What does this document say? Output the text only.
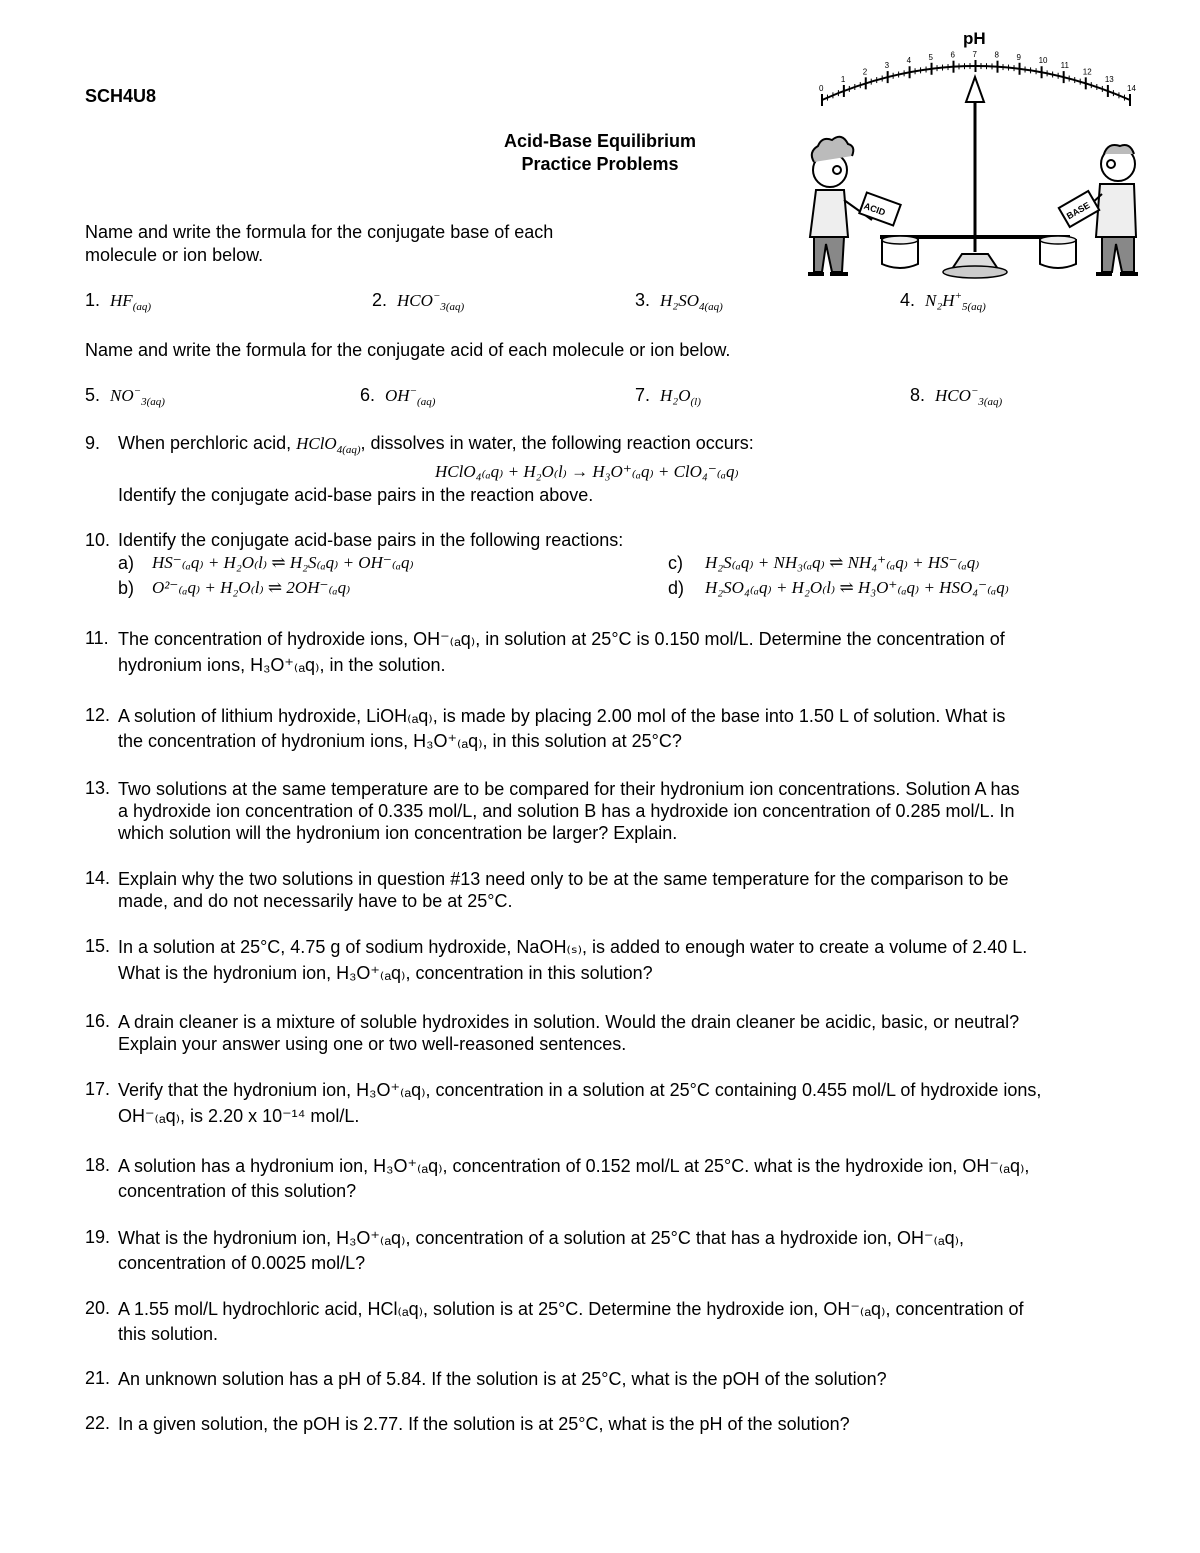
SCH4U8
Acid-Base Equilibrium
Practice Problems
pH
0
1
2
3
4 5 6 7 8 9 10
11
12
13
14
ACID	BASE
Name and write the formula for the conjugate base of each
molecule or ion below.
1. $HF_{(aq)}$	2. $HCO^-_{3(aq)}$	3. $H_2SO_{4(aq)}$	4. $N_2H^+_{5(aq)}$
Name and write the formula for the conjugate acid of each molecule or ion below.
5. $NO^-_{3(aq)}$	6. $OH^-_{(aq)}$	7. $H_2O_{(l)}$	8. $HCO^-_{3(aq)}$
9. When perchloric acid, HClO$_{4(aq)}$, dissolves in water, the following reaction occurs:
HClO₄₍ₐq₎ + H₂O₍l₎ → H₃O⁺₍ₐq₎ + ClO₄⁻₍ₐq₎
Identify the conjugate acid-base pairs in the reaction above.
10. Identify the conjugate acid-base pairs in the following reactions:
a) HS⁻₍ₐq₎ + H₂O₍l₎ ⇌ H₂S₍ₐq₎ + OH⁻₍ₐq₎
b) O²⁻₍ₐq₎ + H₂O₍l₎ ⇌ 2OH⁻₍ₐq₎
c) H₂S₍ₐq₎ + NH₃₍ₐq₎ ⇌ NH₄⁺₍ₐq₎ + HS⁻₍ₐq₎
d) H₂SO₄₍ₐq₎ + H₂O₍l₎ ⇌ H₃O⁺₍ₐq₎ + HSO₄⁻₍ₐq₎
11. The concentration of hydroxide ions, OH⁻₍ₐq₎, in solution at 25°C is 0.150 mol/L. Determine the concentration of
hydronium ions, H₃O⁺₍ₐq₎, in the solution.
12. A solution of lithium hydroxide, LiOH₍ₐq₎, is made by placing 2.00 mol of the base into 1.50 L of solution. What is
the concentration of hydronium ions, H₃O⁺₍ₐq₎, in this solution at 25°C?
13. Two solutions at the same temperature are to be compared for their hydronium ion concentrations. Solution A has
a hydroxide ion concentration of 0.335 mol/L, and solution B has a hydroxide ion concentration of 0.285 mol/L. In
which solution will the hydronium ion concentration be larger? Explain.
14. Explain why the two solutions in question #13 need only to be at the same temperature for the comparison to be
made, and do not necessarily have to be at 25°C.
15. In a solution at 25°C, 4.75 g of sodium hydroxide, NaOH₍ₛ₎, is added to enough water to create a volume of 2.40 L.
What is the hydronium ion, H₃O⁺₍ₐq₎, concentration in this solution?
16. A drain cleaner is a mixture of soluble hydroxides in solution. Would the drain cleaner be acidic, basic, or neutral?
Explain your answer using one or two well-reasoned sentences.
17. Verify that the hydronium ion, H₃O⁺₍ₐq₎, concentration in a solution at 25°C containing 0.455 mol/L of hydroxide ions,
OH⁻₍ₐq₎, is 2.20 x 10⁻¹⁴ mol/L.
18. A solution has a hydronium ion, H₃O⁺₍ₐq₎, concentration of 0.152 mol/L at 25°C. what is the hydroxide ion, OH⁻₍ₐq₎,
concentration of this solution?
19. What is the hydronium ion, H₃O⁺₍ₐq₎, concentration of a solution at 25°C that has a hydroxide ion, OH⁻₍ₐq₎,
concentration of 0.0025 mol/L?
20. A 1.55 mol/L hydrochloric acid, HCl₍ₐq₎, solution is at 25°C. Determine the hydroxide ion, OH⁻₍ₐq₎, concentration of
this solution.
21. An unknown solution has a pH of 5.84. If the solution is at 25°C, what is the pOH of the solution?
22. In a given solution, the pOH is 2.77. If the solution is at 25°C, what is the pH of the solution?
